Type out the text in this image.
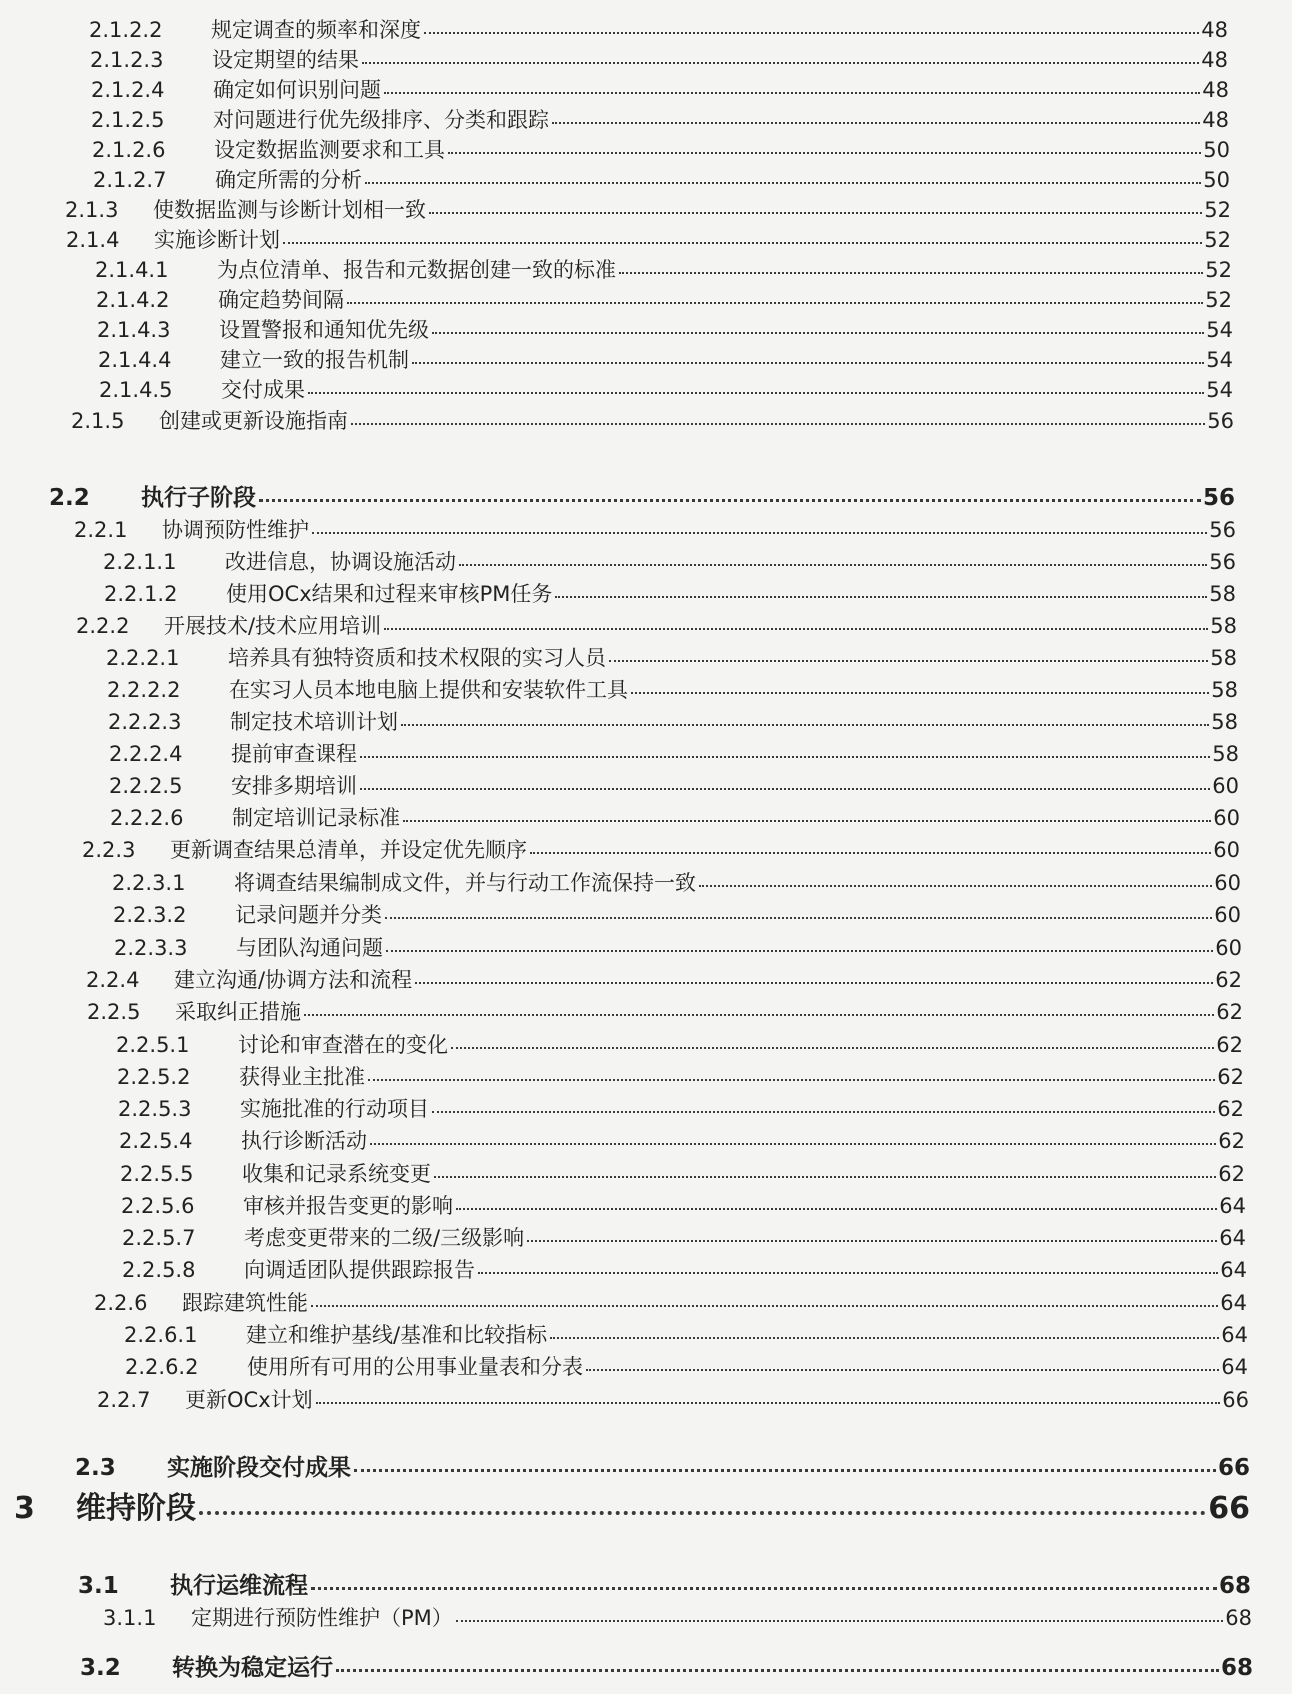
2.1.2.2	规定调查的频率和深度	48
2.1.2.3	设定期望的结果	48
2.1.2.4	确定如何识别问题	48
2.1.2.5	对问题进行优先级排序、分类和跟踪	48
2.1.2.6	设定数据监测要求和工具	50
2.1.2.7	确定所需的分析	50
2.1.3	使数据监测与诊断计划相一致	52
2.1.4	实施诊断计划	52
2.1.4.1	为点位清单、报告和元数据创建一致的标准	52
2.1.4.2	确定趋势间隔	52
2.1.4.3	设置警报和通知优先级	54
2.1.4.4	建立一致的报告机制	54
2.1.4.5	交付成果	54
2.1.5	创建或更新设施指南	56
2.2	执行子阶段	56
2.2.1	协调预防性维护	56
2.2.1.1	改进信息，协调设施活动	56
2.2.1.2	使用OCx结果和过程来审核PM任务	58
2.2.2	开展技术/技术应用培训	58
2.2.2.1	培养具有独特资质和技术权限的实习人员	58
2.2.2.2	在实习人员本地电脑上提供和安装软件工具	58
2.2.2.3	制定技术培训计划	58
2.2.2.4	提前审查课程	58
2.2.2.5	安排多期培训	60
2.2.2.6	制定培训记录标准	60
2.2.3	更新调查结果总清单，并设定优先顺序	60
2.2.3.1	将调查结果编制成文件，并与行动工作流保持一致	60
2.2.3.2	记录问题并分类	60
2.2.3.3	与团队沟通问题	60
2.2.4	建立沟通/协调方法和流程	62
2.2.5	采取纠正措施	62
2.2.5.1	讨论和审查潜在的变化	62
2.2.5.2	获得业主批准	62
2.2.5.3	实施批准的行动项目	62
2.2.5.4	执行诊断活动	62
2.2.5.5	收集和记录系统变更	62
2.2.5.6	审核并报告变更的影响	64
2.2.5.7	考虑变更带来的二级/三级影响	64
2.2.5.8	向调适团队提供跟踪报告	64
2.2.6	跟踪建筑性能	64
2.2.6.1	建立和维护基线/基准和比较指标	64
2.2.6.2	使用所有可用的公用事业量表和分表	64
2.2.7	更新OCx计划	66
2.3	实施阶段交付成果	66
3	维持阶段	66
3.1	执行运维流程	68
3.1.1	定期进行预防性维护（PM）	68
3.2	转换为稳定运行	68
